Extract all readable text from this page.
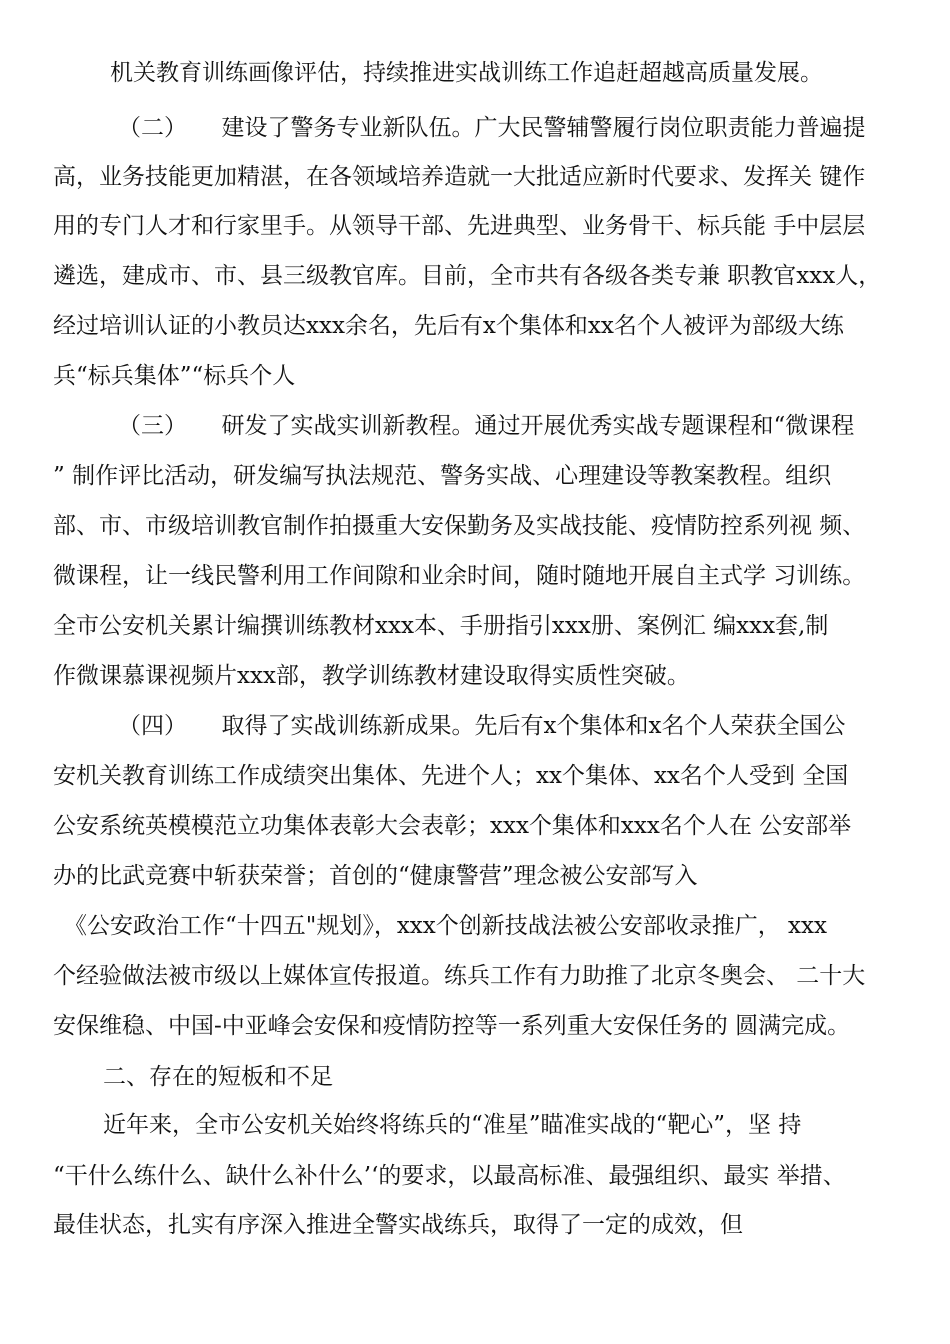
机关教育训练画像评估，持续推进实战训练工作追赶超越高质量发展。
（二）　　建设了警务专业新队伍。广大民警辅警履行岗位职责能力普遍提
高，业务技能更加精湛，在各领域培养造就一大批适应新时代要求、发挥关 键作
用的专门人才和行家里手。从领导干部、先进典型、业务骨干、标兵能 手中层层
遴选，建成市、市、县三级教官库。目前，全市共有各级各类专兼 职教官xxx人，
经过培训认证的小教员达xxx余名，先后有x个集体和xx名个人被评为部级大练
兵“标兵集体”“标兵个人
（三）　　研发了实战实训新教程。通过开展优秀实战专题课程和“微课程
” 制作评比活动，研发编写执法规范、警务实战、心理建设等教案教程。组织
部、市、市级培训教官制作拍摄重大安保勤务及实战技能、疫情防控系列视 频、
微课程，让一线民警利用工作间隙和业余时间，随时随地开展自主式学 习训练。
全市公安机关累计编撰训练教材xxx本、手册指引xxx册、案例汇 编xxx套,制
作微课慕课视频片xxx部，教学训练教材建设取得实质性突破。
（四）　　取得了实战训练新成果。先后有x个集体和x名个人荣获全国公
安机关教育训练工作成绩突出集体、先进个人；xx个集体、xx名个人受到 全国
公安系统英模模范立功集体表彰大会表彰；xxx个集体和xxx名个人在 公安部举
办的比武竞赛中斩获荣誉；首创的“健康警营”理念被公安部写入
《公安政治工作“十四五"规划》，xxx个创新技战法被公安部收录推广， xxx
个经验做法被市级以上媒体宣传报道。练兵工作有力助推了北京冬奥会、 二十大
安保维稳、中国-中亚峰会安保和疫情防控等一系列重大安保任务的 圆满完成。
二、存在的短板和不足
近年来，全市公安机关始终将练兵的“准星”瞄准实战的“靶心”，坚 持
“干什么练什么、缺什么补什么’‘的要求，以最高标准、最强组织、最实 举措、
最佳状态，扎实有序深入推进全警实战练兵，取得了一定的成效，但
